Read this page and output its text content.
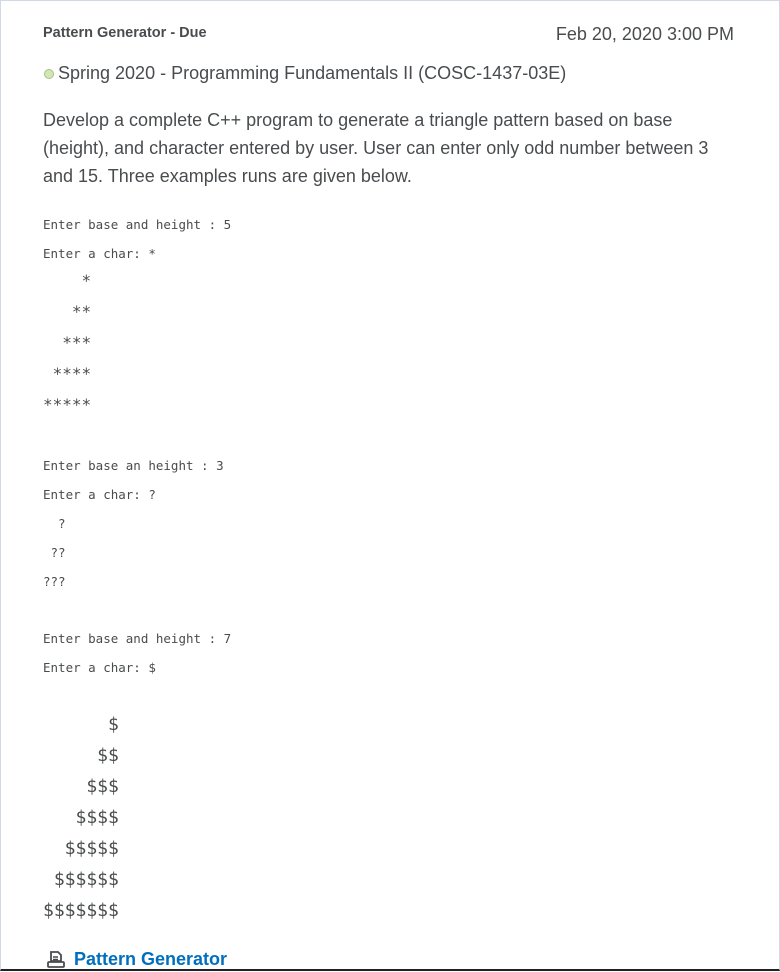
Pattern Generator - Due	Feb 20, 2020 3:00 PM
Spring 2020 - Programming Fundamentals II (COSC-1437-03E)
Develop a complete C++ program to generate a triangle pattern based on base (height), and character entered by user. User can enter only odd number between 3 and 15. Three examples runs are given below.
Enter base and height : 5
Enter a char: *
*
**
***
****
*****
Enter base an height : 3
Enter a char: ?
?
??
???
Enter base and height : 7
Enter a char: $
$
$$
$$$
$$$$
$$$$$
$$$$$$
$$$$$$$
Pattern Generator
